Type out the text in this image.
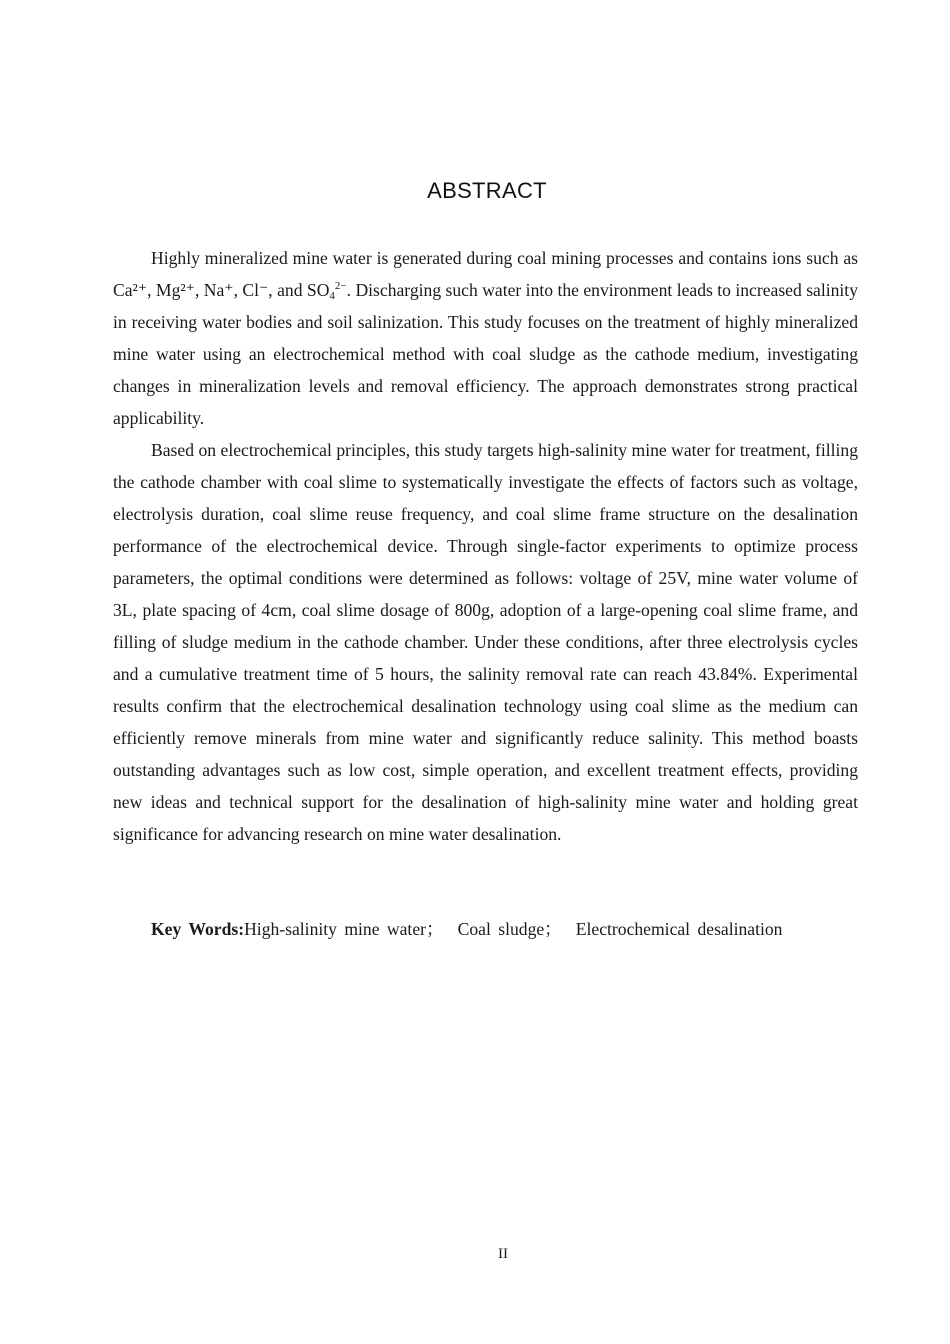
ABSTRACT

Highly mineralized mine water is generated during coal mining processes and contains ions such as Ca²⁺, Mg²⁺, Na⁺, Cl⁻, and $SO_4^{2-}$. Discharging such water into the environment leads to increased salinity in receiving water bodies and soil salinization. This study focuses on the treatment of highly mineralized mine water using an electrochemical method with coal sludge as the cathode medium, investigating changes in mineralization levels and removal efficiency. The approach demonstrates strong practical applicability.

Based on electrochemical principles, this study targets high-salinity mine water for treatment, filling the cathode chamber with coal slime to systematically investigate the effects of factors such as voltage, electrolysis duration, coal slime reuse frequency, and coal slime frame structure on the desalination performance of the electrochemical device. Through single-factor experiments to optimize process parameters, the optimal conditions were determined as follows: voltage of 25V, mine water volume of 3L, plate spacing of 4cm, coal slime dosage of 800g, adoption of a large-opening coal slime frame, and filling of sludge medium in the cathode chamber. Under these conditions, after three electrolysis cycles and a cumulative treatment time of 5 hours, the salinity removal rate can reach 43.84%. Experimental results confirm that the electrochemical desalination technology using coal slime as the medium can efficiently remove minerals from mine water and significantly reduce salinity. This method boasts outstanding advantages such as low cost, simple operation, and excellent treatment effects, providing new ideas and technical support for the desalination of high-salinity mine water and holding great significance for advancing research on mine water desalination.

Key Words:High-salinity mine water； Coal sludge； Electrochemical desalination
II
